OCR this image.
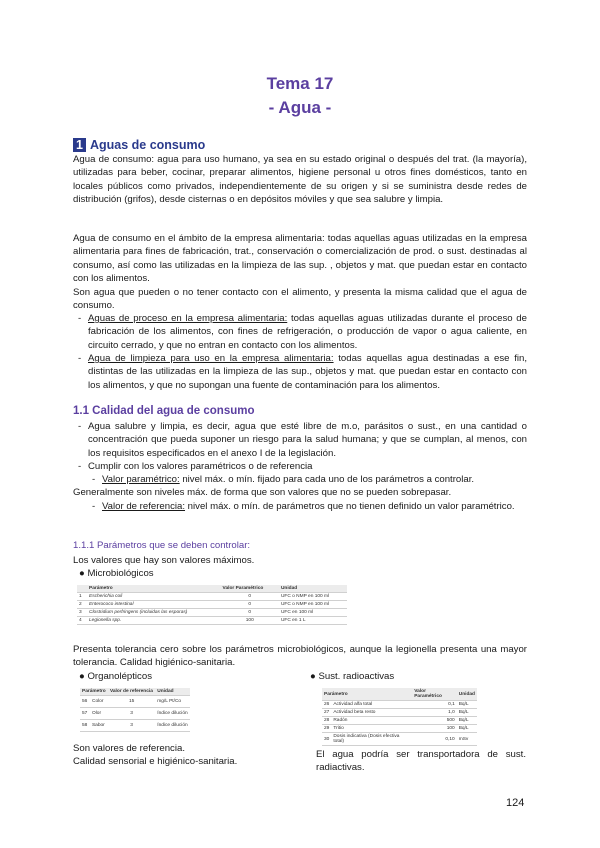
Tema 17
- Agua -
1 Aguas de consumo
Agua de consumo: agua para uso humano, ya sea en su estado original o después del trat. (la mayoría), utilizadas para beber, cocinar, preparar alimentos, higiene personal u otros fines domésticos, tanto en locales públicos como privados, independientemente de su origen y si se suministra desde redes de distribución (grifos), desde cisternas o en depósitos móviles y que sea salubre y limpia.
Agua de consumo en el ámbito de la empresa alimentaria: todas aquellas aguas utilizadas en la empresa alimentaria para fines de fabricación, trat., conservación o comercialización de prod. o sust. destinadas al consumo, así como las utilizadas en la limpieza de las sup. , objetos y mat. que puedan estar en contacto con los alimentos.
Son agua que pueden o no tener contacto con el alimento, y presenta la misma calidad que el agua de consumo.
- Aguas de proceso en la empresa alimentaria: todas aquellas aguas utilizadas durante el proceso de fabricación de los alimentos, con fines de refrigeración, o producción de vapor o agua caliente, en circuito cerrado, y que no entran en contacto con los alimentos.
- Agua de limpieza para uso en la empresa alimentaria: todas aquellas agua destinadas a ese fin, distintas de las utilizadas en la limpieza de las sup., objetos y mat. que puedan estar en contacto con los alimentos, y que no supongan una fuente de contaminación para los alimentos.
1.1 Calidad del agua de consumo
- Agua salubre y limpia, es decir, agua que esté libre de m.o, parásitos o sust., en una cantidad o concentración que pueda suponer un riesgo para la salud humana; y que se cumplan, al menos, con los requisitos especificados en el anexo I de la legislación.
- Cumplir con los valores paramétricos o de referencia
- Valor paramétrico: nivel máx. o mín. fijado para cada uno de los parámetros a controlar.
Generalmente son niveles máx. de forma que son valores que no se pueden sobrepasar.
- Valor de referencia: nivel máx. o mín. de parámetros que no tienen definido un valor paramétrico.
1.1.1 Parámetros que se deben controlar:
Los valores que hay son valores máximos.
● Microbiológicos
	Parámetro	Valor Paramétrico	Unidad
1	Escherichia coli	0	UFC o NMP en 100 ml
2	Enterococo intestinal	0	UFC o NMP en 100 ml
3	Clostridium perfringens (incluidas las esporas)	0	UFC en 100 ml
4	Legionella spp.	100	UFC en 1 L
Presenta tolerancia cero sobre los parámetros microbiológicos, aunque la legionella presenta una mayor tolerancia. Calidad higiénico-sanitaria.
● Organolépticos
Parámetro		Valor de referencia	Unidad
56	Color	15	mg/L Pt/Co
57	Olor	3	Índice dilución
58	Sabor	3	Índice dilución
Son valores de referencia.
Calidad sensorial e higiénico-sanitaria.
● Sust. radioactivas
Parámetro		Valor Paramétrico	Unidad
26	Actividad alfa total	0,1	Bq/L
27	Actividad beta resto	1,0	Bq/L
28	Radón	500	Bq/L
29	Tritio	100	Bq/L
30	Dosis indicativa (Dosis efectiva total)	0,10	mSv
El agua podría ser transportadora de sust. radiactivas.
124
